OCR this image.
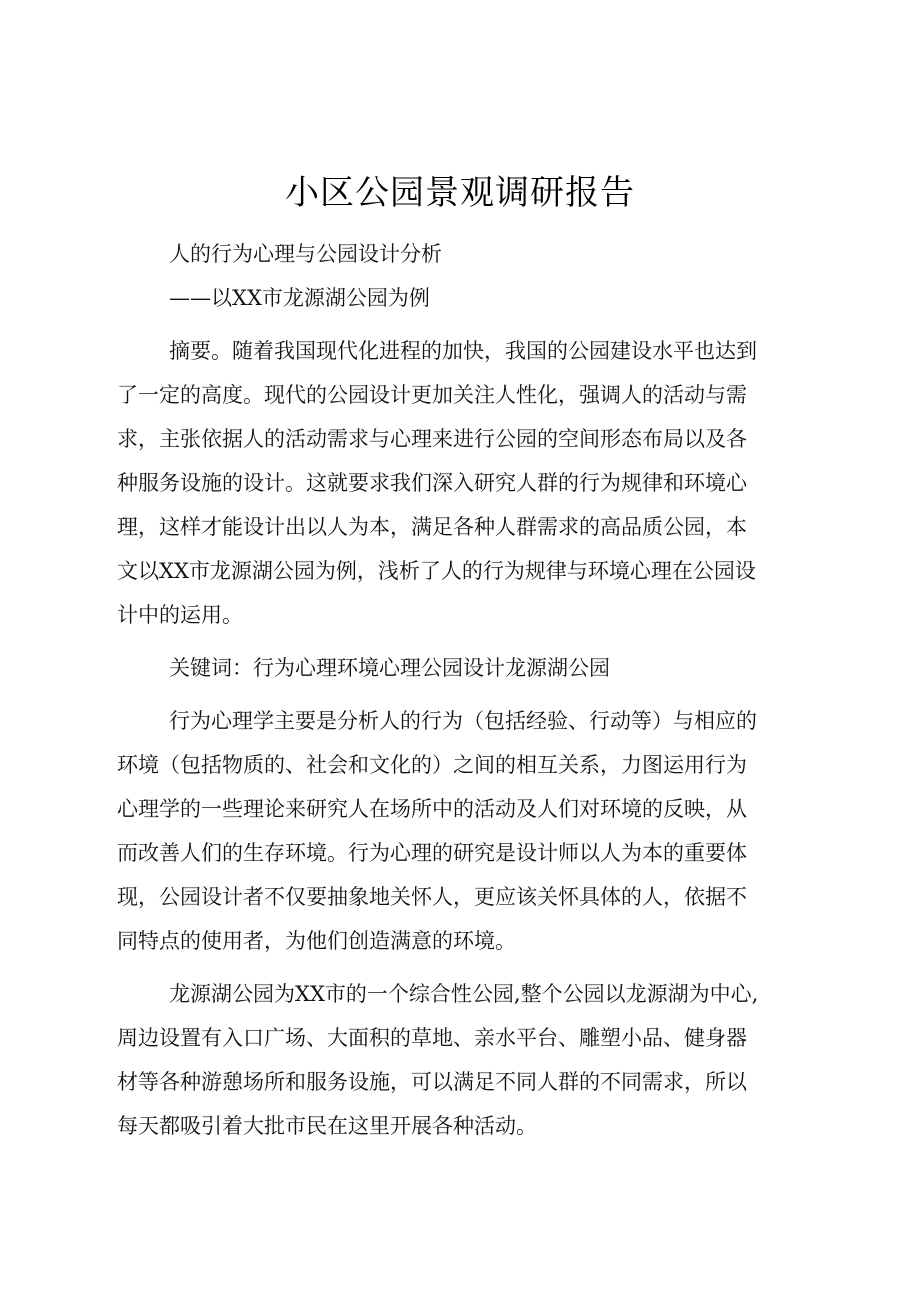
小区公园景观调研报告
人的行为心理与公园设计分析
——以XX市龙源湖公园为例
摘要。随着我国现代化进程的加快，我国的公园建设水平也达到
了一定的高度。现代的公园设计更加关注人性化，强调人的活动与需
求，主张依据人的活动需求与心理来进行公园的空间形态布局以及各
种服务设施的设计。这就要求我们深入研究人群的行为规律和环境心
理，这样才能设计出以人为本，满足各种人群需求的高品质公园，本
文以XX市龙源湖公园为例，浅析了人的行为规律与环境心理在公园设
计中的运用。
关键词：行为心理环境心理公园设计龙源湖公园
行为心理学主要是分析人的行为（包括经验、行动等）与相应的
环境（包括物质的、社会和文化的）之间的相互关系，力图运用行为
心理学的一些理论来研究人在场所中的活动及人们对环境的反映，从
而改善人们的生存环境。行为心理的研究是设计师以人为本的重要体
现，公园设计者不仅要抽象地关怀人，更应该关怀具体的人，依据不
同特点的使用者，为他们创造满意的环境。
龙源湖公园为XX市的一个综合性公园,整个公园以龙源湖为中心,
周边设置有入口广场、大面积的草地、亲水平台、雕塑小品、健身器
材等各种游憩场所和服务设施，可以满足不同人群的不同需求，所以
每天都吸引着大批市民在这里开展各种活动。
